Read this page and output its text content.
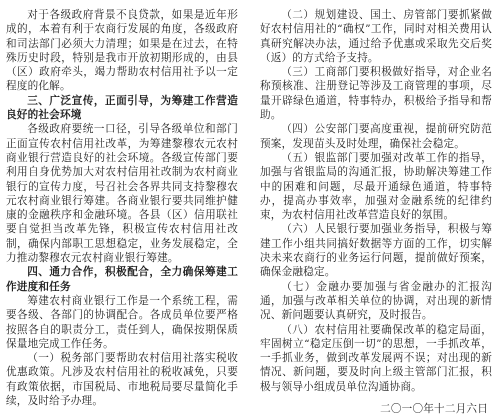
对于各级政府背景不良贷款，如果是近年形成的，本着有利于农商行发展的角度，各级政府和司法部门必须大力清理；如果是在过去，在特殊历史时段，特别是我市开放初期形成的，由县（区）政府牵头，竭力帮助农村信用社予以一定程度的化解。

三、广泛宣传，正面引导，为筹建工作营造良好的社会环境

各级政府要统一口径，引导各级单位和部门正面宣传农村信用社改革，为筹建黎穆农元农村商业银行营造良好的社会环境。各级宣传部门要利用自身优势加大对农村信用社改制为农村商业银行的宣传力度，号召社会各界共同支持黎穆农元农村商业银行筹建。各商业银行要共同维护健康的金融秩序和金融环境。各县（区）信用联社要自觉担当改革先锋，积极宣传农村信用社改制，确保内部职工思想稳定，业务发展稳定，全力推动黎穆农元农村商业银行筹建。

四、通力合作，积极配合，全力确保筹建工作进度和任务

筹建农村商业银行工作是一个系统工程，需要各级、各部门的协调配合。各成员单位要严格按照各自的职责分工，责任到人，确保按期保质保量地完成工作任务。

（一）税务部门要帮助农村信用社落实税收优惠政策。凡涉及农村信用社的税收减免，只要有政策依据，市国税局、市地税局要尽量简化手续，及时给予办理。

（二）规划建设、国土、房管部门要抓紧做好农村信用社的“确权”工作，同时对相关费用认真研究解决办法，通过给予优惠或采取先交后奖（返）的方式给予支持。

（三）工商部门要积极做好指导，对企业名称预核准、注册登记等涉及工商管理的事项，尽量开辟绿色通道，特事特办，积极给予指导和帮助。

（四）公安部门要高度重视，提前研究防范预案，发现苗头及时处理，确保社会稳定。

（五）银监部门要加强对改革工作的指导，加强与省银监局的沟通汇报，协助解决筹建工作中的困难和问题，尽最开通绿色通道，特事特办，提高办事效率，加强对金融系统的纪律约束，为农村信用社改革营造良好的氛围。

（六）人民银行要加强业务指导，积极与筹建工作小组共同搞好数据等方面的工作，切实解决未来农商行的业务运行问题，提前做好预案，确保金融稳定。

（七）金融办要加强与省金融办的汇报沟通，加强与改革相关单位的协调，对出现的新情况、新问题要认真研究，及时报告。

（八）农村信用社要确保改革的稳定局面，牢固树立“稳定压倒一切”的思想，一手抓改革，一手抓业务，做到改革发展两不误；对出现的新情况、新问题，要及时向上级主管部门汇报，积极与领导小组成员单位沟通协商。

二〇一〇年十二月六日
